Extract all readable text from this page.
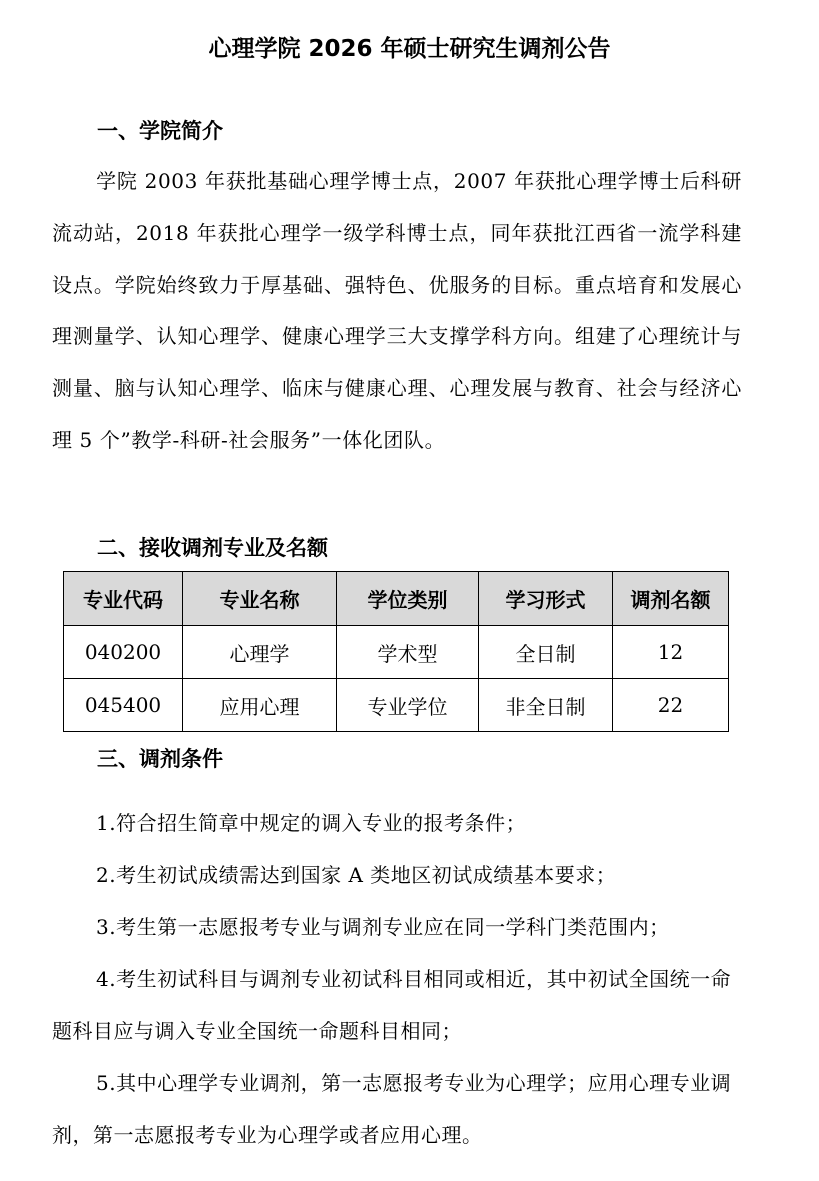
心理学院 2026 年硕士研究生调剂公告
一、学院简介
学院 2003 年获批基础心理学博士点，2007 年获批心理学博士后科研流动站，2018 年获批心理学一级学科博士点，同年获批江西省一流学科建设点。学院始终致力于厚基础、强特色、优服务的目标。重点培育和发展心理测量学、认知心理学、健康心理学三大支撑学科方向。组建了心理统计与测量、脑与认知心理学、临床与健康心理、心理发展与教育、社会与经济心理 5 个”教学-科研-社会服务”一体化团队。
二、接收调剂专业及名额
专业代码	专业名称	学位类别	学习形式	调剂名额
040200	心理学	学术型	全日制	12
045400	应用心理	专业学位	非全日制	22
三、调剂条件
1.符合招生简章中规定的调入专业的报考条件；
2.考生初试成绩需达到国家 A 类地区初试成绩基本要求；
3.考生第一志愿报考专业与调剂专业应在同一学科门类范围内；
4.考生初试科目与调剂专业初试科目相同或相近，其中初试全国统一命题科目应与调入专业全国统一命题科目相同；
5.其中心理学专业调剂，第一志愿报考专业为心理学；应用心理专业调剂，第一志愿报考专业为心理学或者应用心理。
